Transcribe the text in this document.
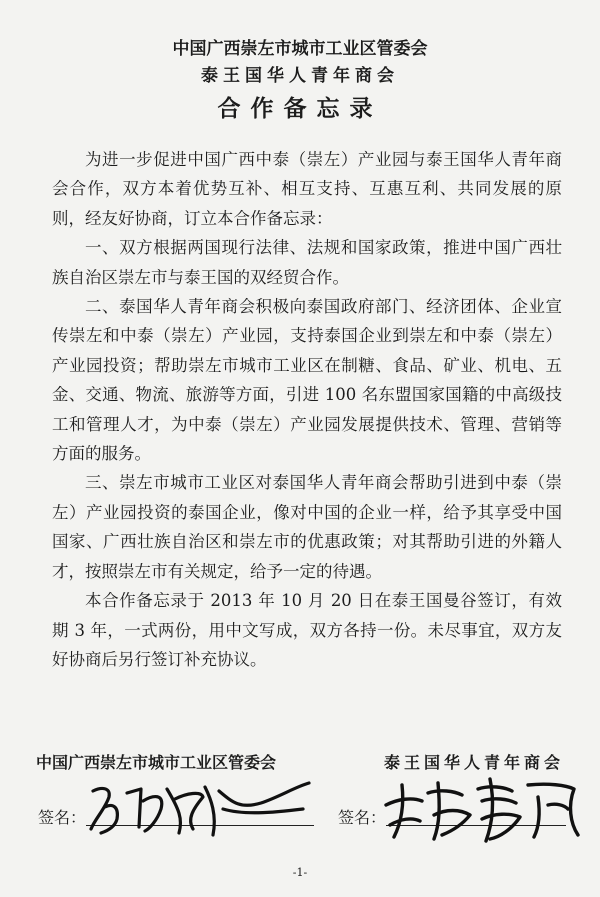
中国广西崇左市城市工业区管委会
泰王国华人青年商会
合作备忘录

为进一步促进中国广西中泰（崇左）产业园与泰王国华人青年商会合作，双方本着优势互补、相互支持、互惠互利、共同发展的原则，经友好协商，订立本合作备忘录：

一、双方根据两国现行法律、法规和国家政策，推进中国广西壮族自治区崇左市与泰王国的双经贸合作。

二、泰国华人青年商会积极向泰国政府部门、经济团体、企业宣传崇左和中泰（崇左）产业园，支持泰国企业到崇左和中泰（崇左）产业园投资；帮助崇左市城市工业区在制糖、食品、矿业、机电、五金、交通、物流、旅游等方面，引进 100 名东盟国家国籍的中高级技工和管理人才，为中泰（崇左）产业园发展提供技术、管理、营销等方面的服务。

三、崇左市城市工业区对泰国华人青年商会帮助引进到中泰（崇左）产业园投资的泰国企业，像对中国的企业一样，给予其享受中国国家、广西壮族自治区和崇左市的优惠政策；对其帮助引进的外籍人才，按照崇左市有关规定，给予一定的待遇。

本合作备忘录于 2013 年 10 月 20 日在泰王国曼谷签订，有效期 3 年，一式两份，用中文写成，双方各持一份。未尽事宜，双方友好协商后另行签订补充协议。

中国广西崇左市城市工业区管委会	泰王国华人青年商会
签名：	签名：
-1-
